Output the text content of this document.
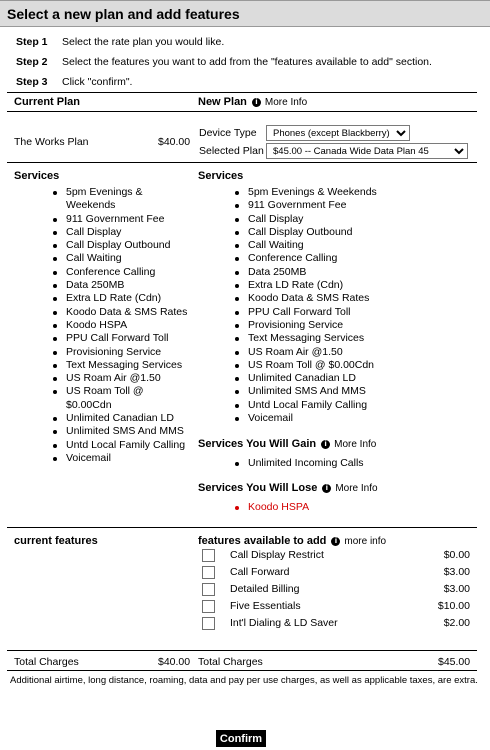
Select a new plan and add features
Step 1 Select the rate plan you would like.
Step 2 Select the features you want to add from the "features available to add" section.
Step 3 Click "confirm".
Current Plan	New Plan i More Info
The Works Plan	$40.00
Device Type
Phones (except Blackberry)
Selected Plan
$45.00 -- Canada Wide Data Plan 45
Services	Services
5pm Evenings & Weekends
911 Government Fee
Call Display
Call Display Outbound
Call Waiting
Conference Calling
Data 250MB
Extra LD Rate (Cdn)
Koodo Data & SMS Rates
Koodo HSPA
PPU Call Forward Toll
Provisioning Service
Text Messaging Services
US Roam Air @1.50
US Roam Toll @ $0.00Cdn
Unlimited Canadian LD
Unlimited SMS And MMS
Untd Local Family Calling
Voicemail
5pm Evenings & Weekends
911 Government Fee
Call Display
Call Display Outbound
Call Waiting
Conference Calling
Data 250MB
Extra LD Rate (Cdn)
Koodo Data & SMS Rates
PPU Call Forward Toll
Provisioning Service
Text Messaging Services
US Roam Air @1.50
US Roam Toll @ $0.00Cdn
Unlimited Canadian LD
Unlimited SMS And MMS
Untd Local Family Calling
Voicemail
Services You Will Gain i More Info
Unlimited Incoming Calls
Services You Will Lose i More Info
Koodo HSPA
current features	features available to add i more info
Call Display Restrict	$0.00
Call Forward	$3.00
Detailed Billing	$3.00
Five Essentials	$10.00
Int'l Dialing & LD Saver	$2.00
Total Charges	$40.00 Total Charges	$45.00
Additional airtime, long distance, roaming, data and pay per use charges, as well as applicable taxes, are extra.
Confirm
